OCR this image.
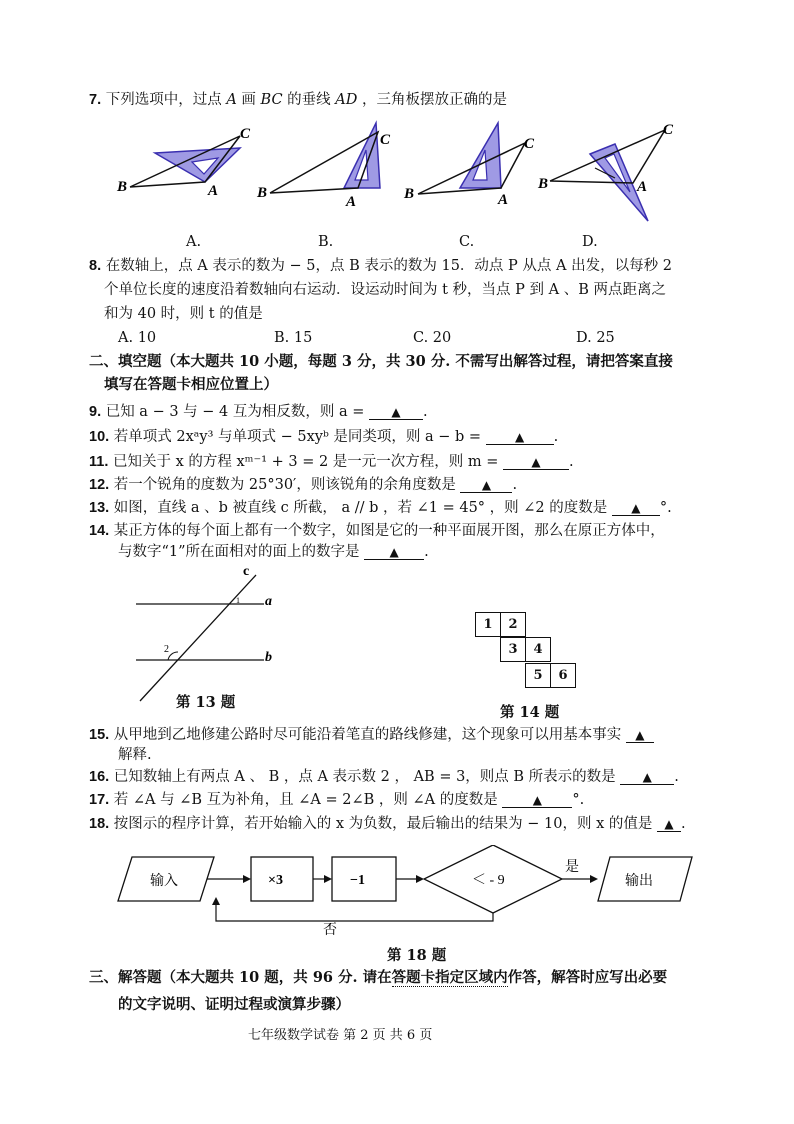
7. 下列选项中，过点 A 画 BC 的垂线 AD ，三角板摆放正确的是
B
C
A	B
C
A	B
C
A
B
C
A
A.	B.	C.	D.
8. 在数轴上，点 A 表示的数为 − 5，点 B 表示的数为 15．动点 P 从点 A 出发，以每秒 2
个单位长度的速度沿着数轴向右运动．设运动时间为 t 秒，当点 P 到 A 、B 两点距离之
和为 40 时，则 t 的值是
A. 10	B. 15	C. 20	D. 25
二、填空题（本大题共 10 小题，每题 3 分，共 30 分. 不需写出解答过程，请把答案直接
填写在答题卡相应位置上）
9. 已知 a − 3 与 − 4 互为相反数，则 a = ▲ .
10. 若单项式 2xᵃy³ 与单项式 − 5xyᵇ 是同类项，则 a − b =	▲ .
11. 已知关于 x 的方程 xᵐ⁻¹ + 3 = 2 是一元一次方程，则 m =	▲ .
12. 若一个锐角的度数为 25°30′，则该锐角的余角度数是 ▲ .
13. 如图，直线 a 、b 被直线 c 所截， a // b ，若 ∠1 = 45° ，则 ∠2 的度数是 ▲ °.
14. 某正方体的每个面上都有一个数字，如图是它的一种平面展开图，那么在原正方体中，
与数字“1”所在面相对的面上的数字是 ▲ .
c
a
b
1
2
第 13 题
1	2
3	4
5	6
第 14 题
15. 从甲地到乙地修建公路时尽可能沿着笔直的路线修建，这个现象可以用基本事实 ▲
解释.
16. 已知数轴上有两点 A 、 B ，点 A 表示数 2 ， AB = 3，则点 B 所表示的数是 ▲ .
17. 若 ∠A 与 ∠B 互为补角，且 ∠A = 2∠B ，则 ∠A 的度数是	▲ °.
18. 按图示的程序计算，若开始输入的 x 为负数，最后输出的结果为 − 10，则 x 的值是 ▲ .
输入	×3	−1	＜ - 9
是
输出
否
第 18 题
三、解答题（本大题共 10 题，共 96 分. 请在答题卡指定区域内作答，解答时应写出必要
的文字说明、证明过程或演算步骤）
七年级数学试卷 第 2 页 共 6 页
